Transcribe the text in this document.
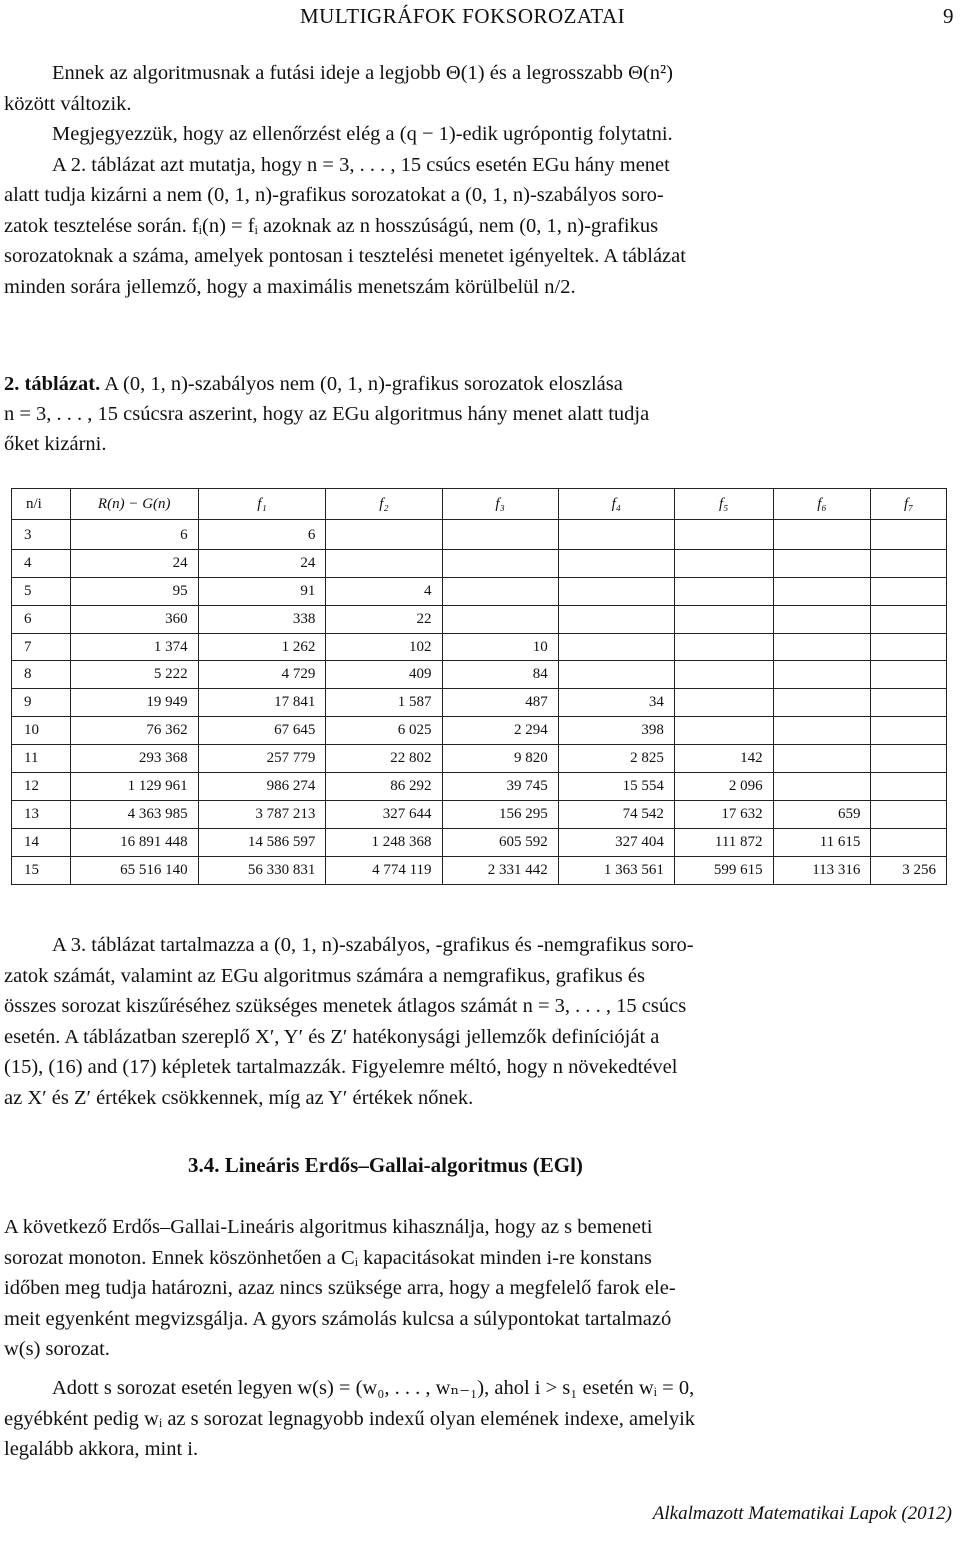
MULTIGRÁFOK FOKSOROZATAI	9
Ennek az algoritmusnak a futási ideje a legjobb Θ(1) és a legrosszabb Θ(n²)
között változik.
Megjegyezzük, hogy az ellenőrzést elég a (q − 1)-edik ugrópontig folytatni.
A 2. táblázat azt mutatja, hogy n = 3, . . . , 15 csúcs esetén EGu hány menet
alatt tudja kizárni a nem (0, 1, n)-grafikus sorozatokat a (0, 1, n)-szabályos soro-
zatok tesztelése során. fᵢ(n) = fᵢ azoknak az n hosszúságú, nem (0, 1, n)-grafikus
sorozatoknak a száma, amelyek pontosan i tesztelési menetet igényeltek. A táblázat
minden sorára jellemző, hogy a maximális menetszám körülbelül n/2.
2. táblázat. A (0, 1, n)-szabályos nem (0, 1, n)-grafikus sorozatok eloszlása
n = 3, . . . , 15 csúcsra aszerint, hogy az EGu algoritmus hány menet alatt tudja
őket kizárni.
n/i	R(n) − G(n)	f₁	f₂	f₃	f₄	f₅	f₆	f₇
3	6	6						
4	24	24						
5	95	91	4					
6	360	338	22					
7	1 374	1 262	102	10				
8	5 222	4 729	409	84				
9	19 949	17 841	1 587	487	34			
10	76 362	67 645	6 025	2 294	398			
11	293 368	257 779	22 802	9 820	2 825	142		
12	1 129 961	986 274	86 292	39 745	15 554	2 096		
13	4 363 985	3 787 213	327 644	156 295	74 542	17 632	659	
14	16 891 448	14 586 597	1 248 368	605 592	327 404	111 872	11 615	
15	65 516 140	56 330 831	4 774 119	2 331 442	1 363 561	599 615	113 316	3 256
A 3. táblázat tartalmazza a (0, 1, n)-szabályos, -grafikus és -nemgrafikus soro-
zatok számát, valamint az EGu algoritmus számára a nemgrafikus, grafikus és
összes sorozat kiszűréséhez szükséges menetek átlagos számát n = 3, . . . , 15 csúcs
esetén. A táblázatban szereplő X′, Y′ és Z′ hatékonysági jellemzők definícióját a
(15), (16) and (17) képletek tartalmazzák. Figyelemre méltó, hogy n növekedtével
az X′ és Z′ értékek csökkennek, míg az Y′ értékek nőnek.
3.4. Lineáris Erdős–Gallai-algoritmus (EGl)
A következő Erdős–Gallai-Lineáris algoritmus kihasználja, hogy az s bemeneti
sorozat monoton. Ennek köszönhetően a Cᵢ kapacitásokat minden i-re konstans
időben meg tudja határozni, azaz nincs szüksége arra, hogy a megfelelő farok ele-
meit egyenként megvizsgálja. A gyors számolás kulcsa a súlypontokat tartalmazó
w(s) sorozat.
Adott s sorozat esetén legyen w(s) = (w₀, . . . , wₙ₋₁), ahol i > s₁ esetén wᵢ = 0,
egyébként pedig wᵢ az s sorozat legnagyobb indexű olyan elemének indexe, amelyik
legalább akkora, mint i.
Alkalmazott Matematikai Lapok (2012)
